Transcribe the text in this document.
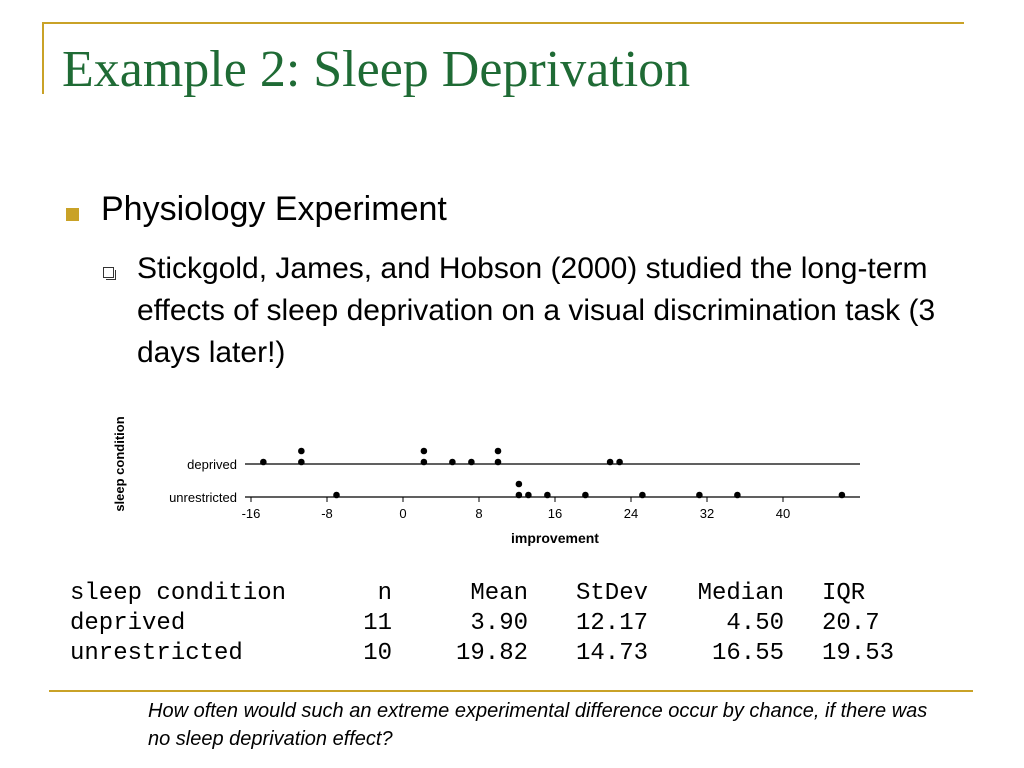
Example 2: Sleep Deprivation
Physiology Experiment
Stickgold, James, and Hobson (2000) studied the long-term effects of sleep deprivation on a visual discrimination task (3 days later!)
sleep condition	deprived
unrestricted
-16	-8	0	8	16	24	32	40
improvement
sleep condition	n	Mean	StDev	Median	IQR
deprived	11	3.90	12.17	4.50	20.7
unrestricted	10	19.82	14.73	16.55	19.53
How often would such an extreme experimental difference occur by chance, if there was no sleep deprivation effect?
